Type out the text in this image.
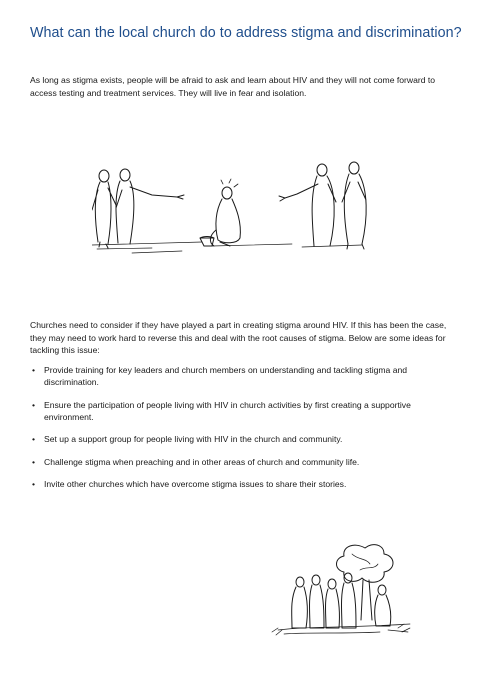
What can the local church do to address stigma and discrimination?

As long as stigma exists, people will be afraid to ask and learn about HIV and they will not come forward to access testing and treatment services. They will live in fear and isolation.

Churches need to consider if they have played a part in creating stigma around HIV. If this has been the case, they may need to work hard to reverse this and deal with the root causes of stigma. Below are some ideas for tackling this issue:

• Provide training for key leaders and church members on understanding and tackling stigma and discrimination.
• Ensure the participation of people living with HIV in church activities by first creating a supportive environment.
• Set up a support group for people living with HIV in the church and community.
• Challenge stigma when preaching and in other areas of church and community life.
• Invite other churches which have overcome stigma issues to share their stories.
